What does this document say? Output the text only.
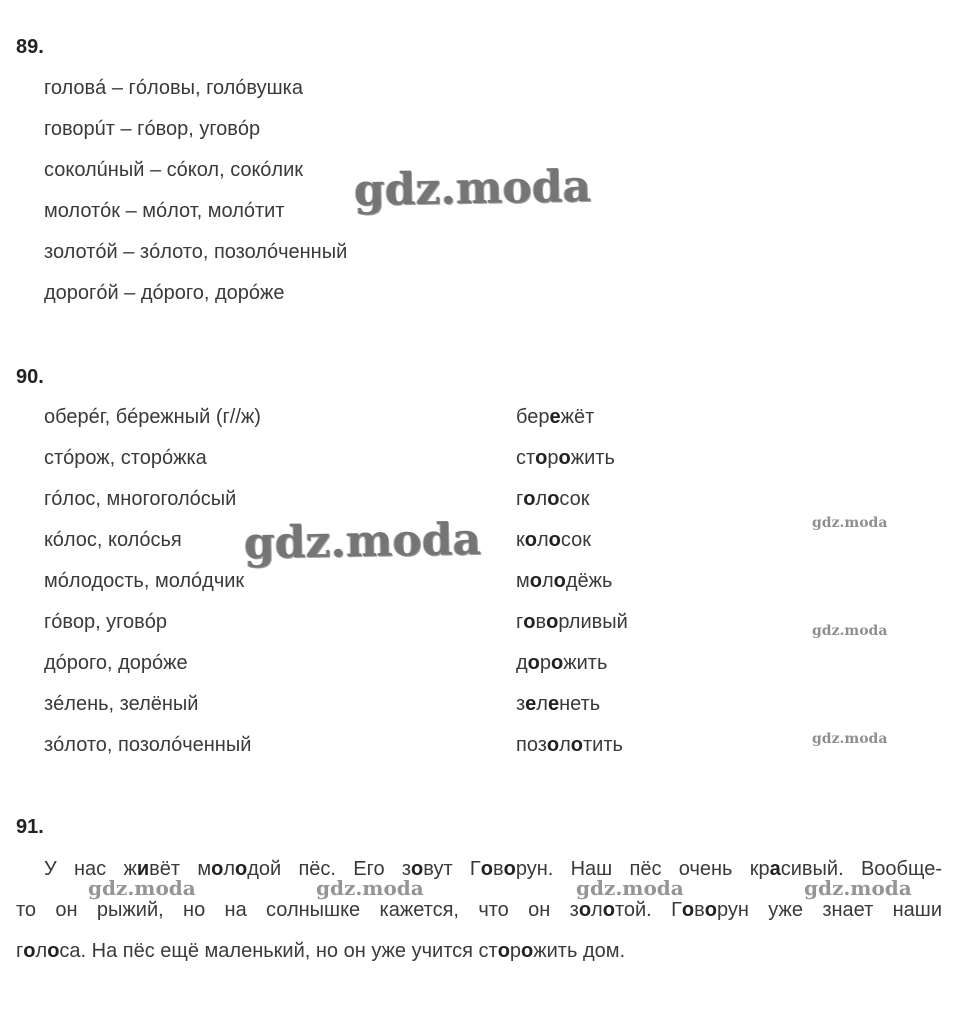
89.
головá – гóловы, голóвушка
говорúт – гóвор, уговóр
соколúный – сóкол, сокóлик
молотóк – мóлот, молóтит
золотóй – зóлото, позолóченный
дорогóй – дóрого, дорóже
90.
оберéг, бéрежный (г//ж)	бережёт
стóрож, сторóжка	сторожить
гóлос, многоголóсый	голосок
кóлос, колóсья	колосок
мóлодость, молóдчик	молодёжь
гóвор, уговóр	говорливый
дóрого, дорóже	дорожить
зéлень, зелёный	зеленеть
зóлото, позолóченный	позолотить
91.
У нас живёт молодой пёс. Его зовут Говорун. Наш пёс очень красивый. Вообще-
то он рыжий, но на солнышке кажется, что он золотой. Говорун уже знает наши
голоса. На пёс ещё маленький, но он уже учится сторожить дом.
gdz.moda
gdz.moda	gdz.moda
gdz.moda
gdz.moda
gdz.moda	gdz.moda	gdz.moda	gdz.moda
